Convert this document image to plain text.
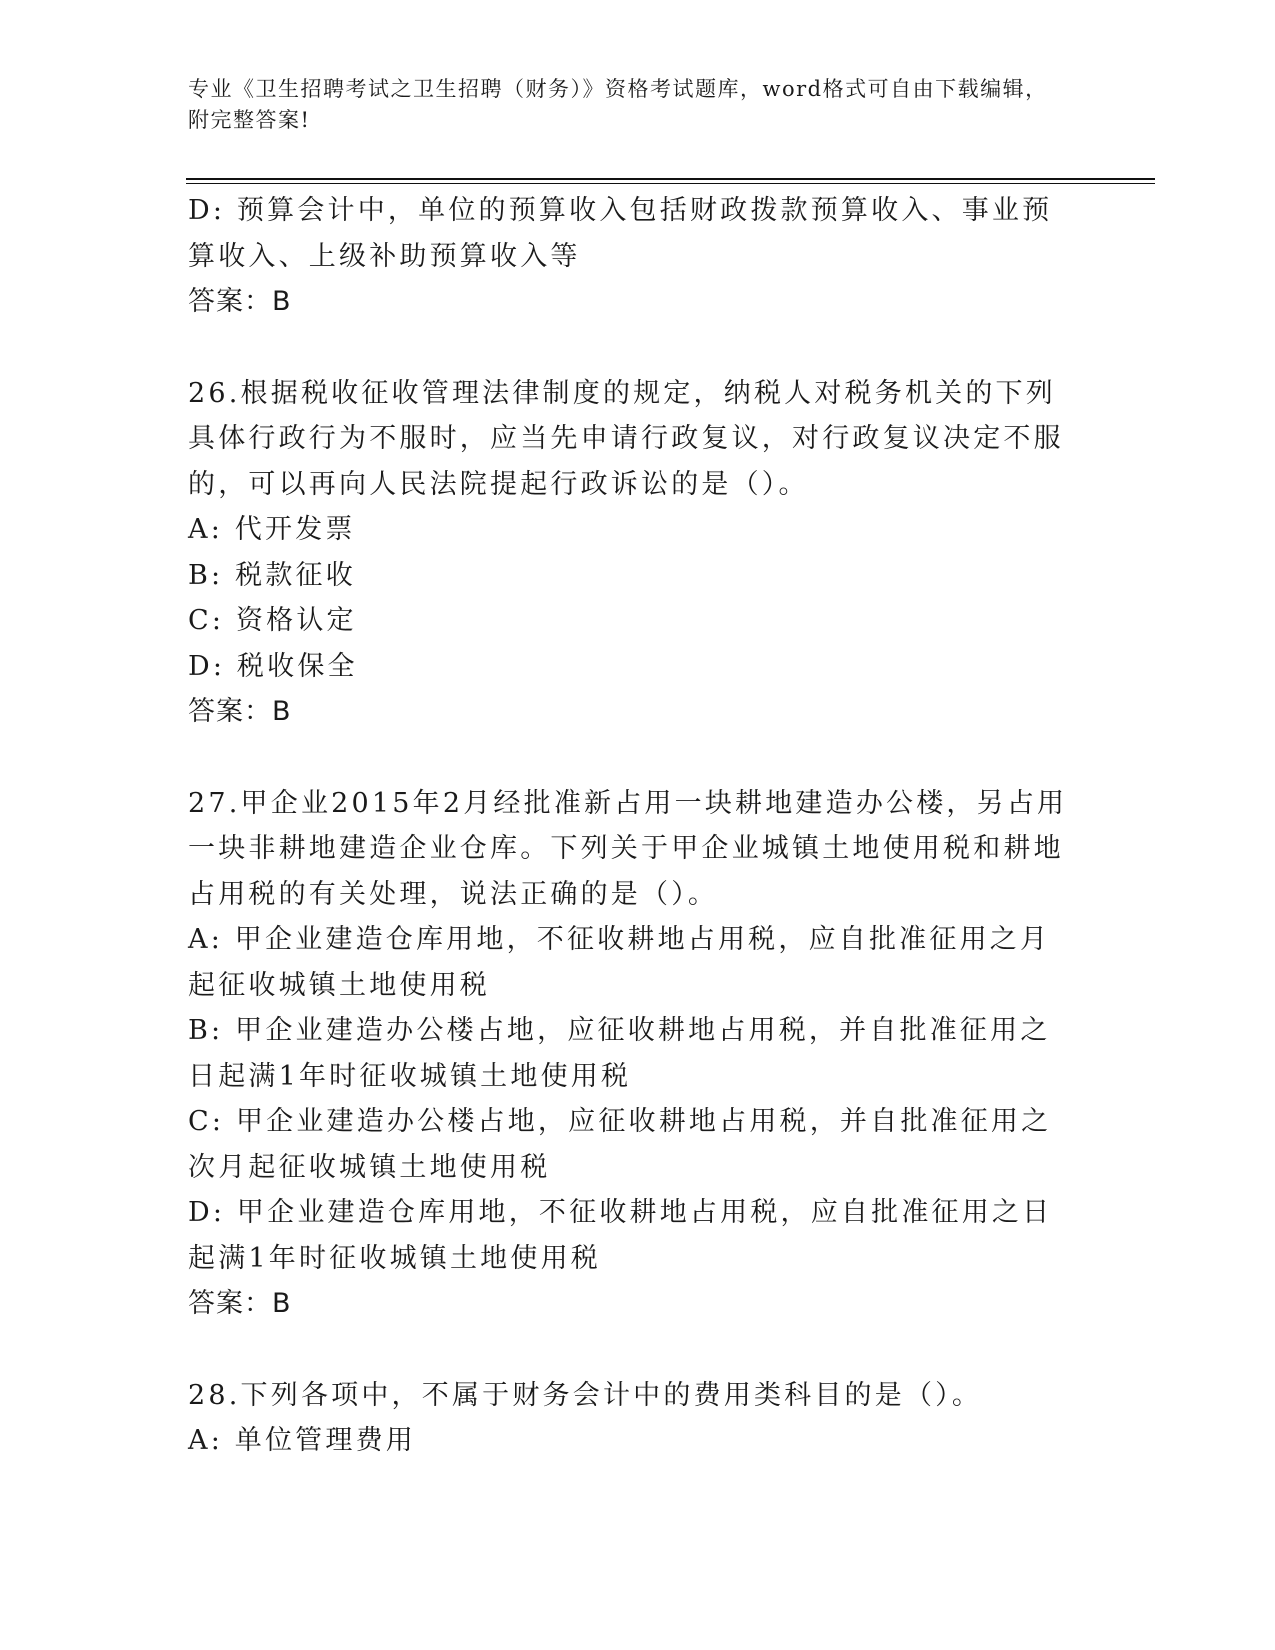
专业《卫生招聘考试之卫生招聘（财务）》资格考试题库，word格式可自由下载编辑，附完整答案!

D: 预算会计中，单位的预算收入包括财政拨款预算收入、事业预算收入、上级补助预算收入等

答案：B

26.根据税收征收管理法律制度的规定，纳税人对税务机关的下列具体行政行为不服时，应当先申请行政复议，对行政复议决定不服的，可以再向人民法院提起行政诉讼的是（）。

A: 代开发票

B: 税款征收

C: 资格认定

D: 税收保全

答案：B

27.甲企业2015年2月经批准新占用一块耕地建造办公楼，另占用一块非耕地建造企业仓库。下列关于甲企业城镇土地使用税和耕地占用税的有关处理，说法正确的是（）。

A: 甲企业建造仓库用地，不征收耕地占用税，应自批准征用之月起征收城镇土地使用税

B: 甲企业建造办公楼占地，应征收耕地占用税，并自批准征用之日起满1年时征收城镇土地使用税

C: 甲企业建造办公楼占地，应征收耕地占用税，并自批准征用之次月起征收城镇土地使用税

D: 甲企业建造仓库用地，不征收耕地占用税，应自批准征用之日起满1年时征收城镇土地使用税

答案：B

28.下列各项中，不属于财务会计中的费用类科目的是（）。

A: 单位管理费用
